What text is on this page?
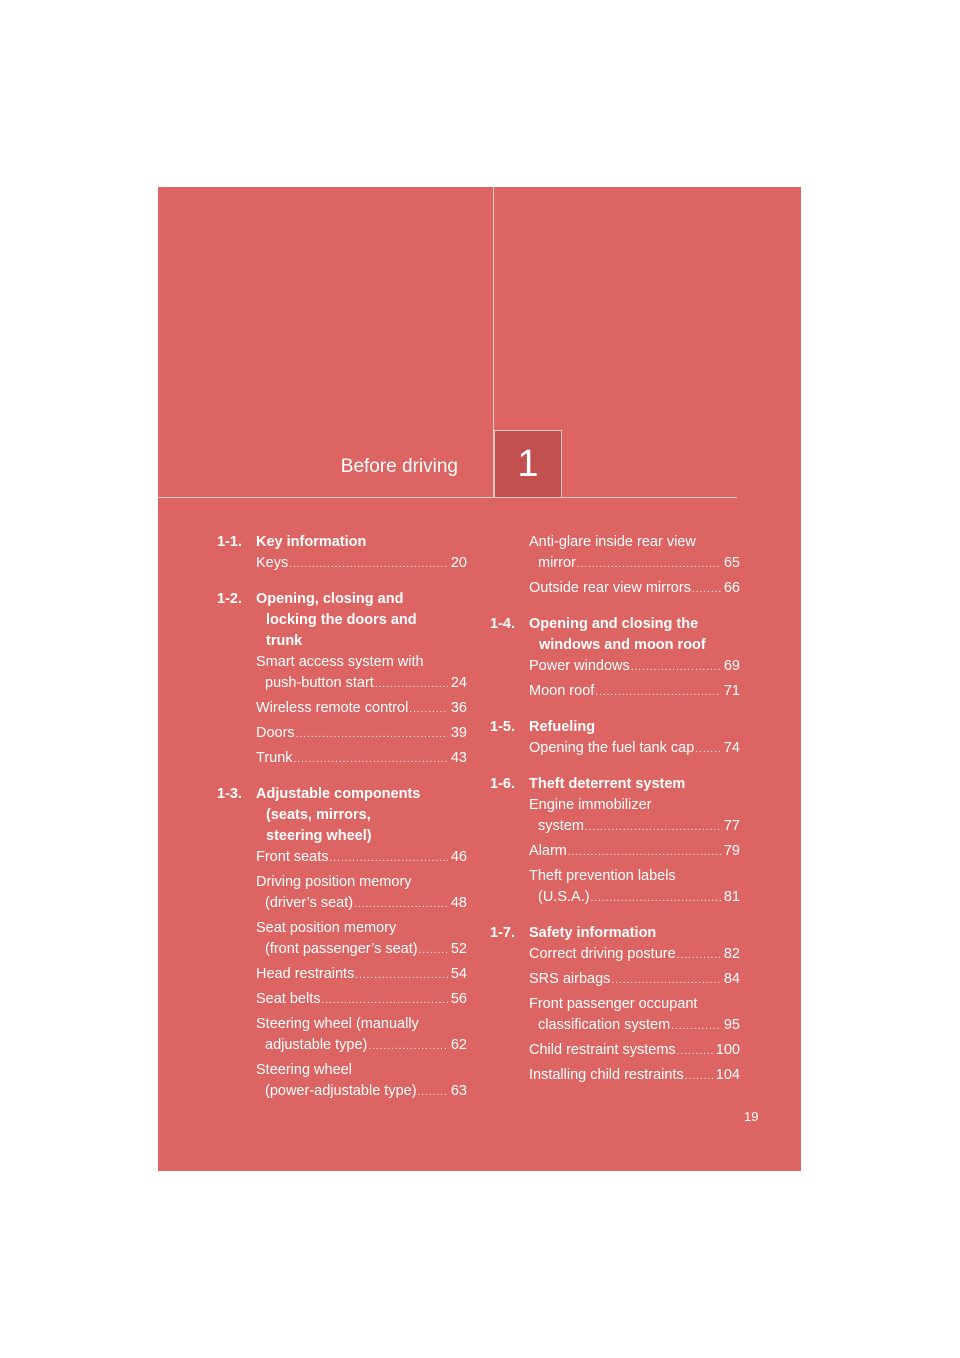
Before driving	1
1-1. Key information
Keys .....	20
1-2. Opening, closing and
locking the doors and
trunk
Smart access system with
push-button start .....	24
Wireless remote control .....	36
Doors .....	39
Trunk .....	43
1-3. Adjustable components
(seats, mirrors,
steering wheel)
Front seats .....	46
Driving position memory
(driver’s seat) .....	48
Seat position memory
(front passenger’s seat) ..... 52
Head restraints .....	54
Seat belts .....	56
Steering wheel (manually
adjustable type) .....	62
Steering wheel
(power-adjustable type) ..... 63
Anti-glare inside rear view
mirror .....	65
Outside rear view mirrors ..... 66
1-4. Opening and closing the
windows and moon roof
Power windows .....	69
Moon roof .....	71
1-5. Refueling
Opening the fuel tank cap ..... 74
1-6. Theft deterrent system
Engine immobilizer
system .....	77
Alarm .....	79
Theft prevention labels
(U.S.A.) .....	81
1-7. Safety information
Correct driving posture .....	82
SRS airbags .....	84
Front passenger occupant
classification system .....	95
Child restraint systems .....	100
Installing child restraints ..... 104
19
